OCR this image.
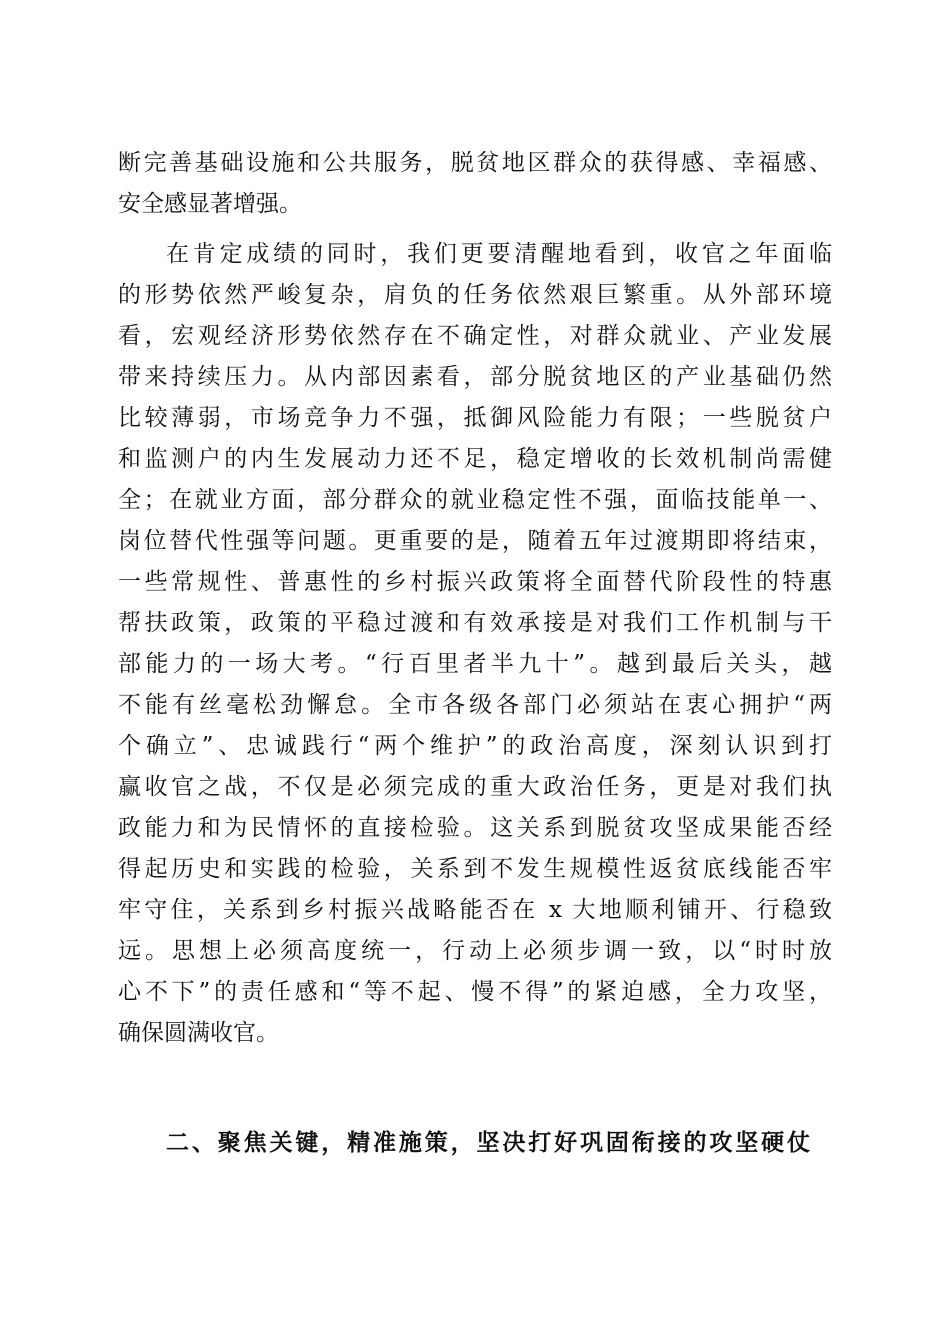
断完善基础设施和公共服务，脱贫地区群众的获得感、幸福感、
安全感显著增强。
在肯定成绩的同时，我们更要清醒地看到，收官之年面临
的形势依然严峻复杂，肩负的任务依然艰巨繁重。从外部环境
看，宏观经济形势依然存在不确定性，对群众就业、产业发展
带来持续压力。从内部因素看，部分脱贫地区的产业基础仍然
比较薄弱，市场竞争力不强，抵御风险能力有限；一些脱贫户
和监测户的内生发展动力还不足，稳定增收的长效机制尚需健
全；在就业方面，部分群众的就业稳定性不强，面临技能单一、
岗位替代性强等问题。更重要的是，随着五年过渡期即将结束，
一些常规性、普惠性的乡村振兴政策将全面替代阶段性的特惠
帮扶政策，政策的平稳过渡和有效承接是对我们工作机制与干
部能力的一场大考。“行百里者半九十”。越到最后关头，越
不能有丝毫松劲懈怠。全市各级各部门必须站在衷心拥护“两
个确立”、忠诚践行“两个维护”的政治高度，深刻认识到打
赢收官之战，不仅是必须完成的重大政治任务，更是对我们执
政能力和为民情怀的直接检验。这关系到脱贫攻坚成果能否经
得起历史和实践的检验，关系到不发生规模性返贫底线能否牢
牢守住，关系到乡村振兴战略能否在 x 大地顺利铺开、行稳致
远。思想上必须高度统一，行动上必须步调一致，以“时时放
心不下”的责任感和“等不起、慢不得”的紧迫感，全力攻坚，
确保圆满收官。
二、聚焦关键，精准施策，坚决打好巩固衔接的攻坚硬仗
